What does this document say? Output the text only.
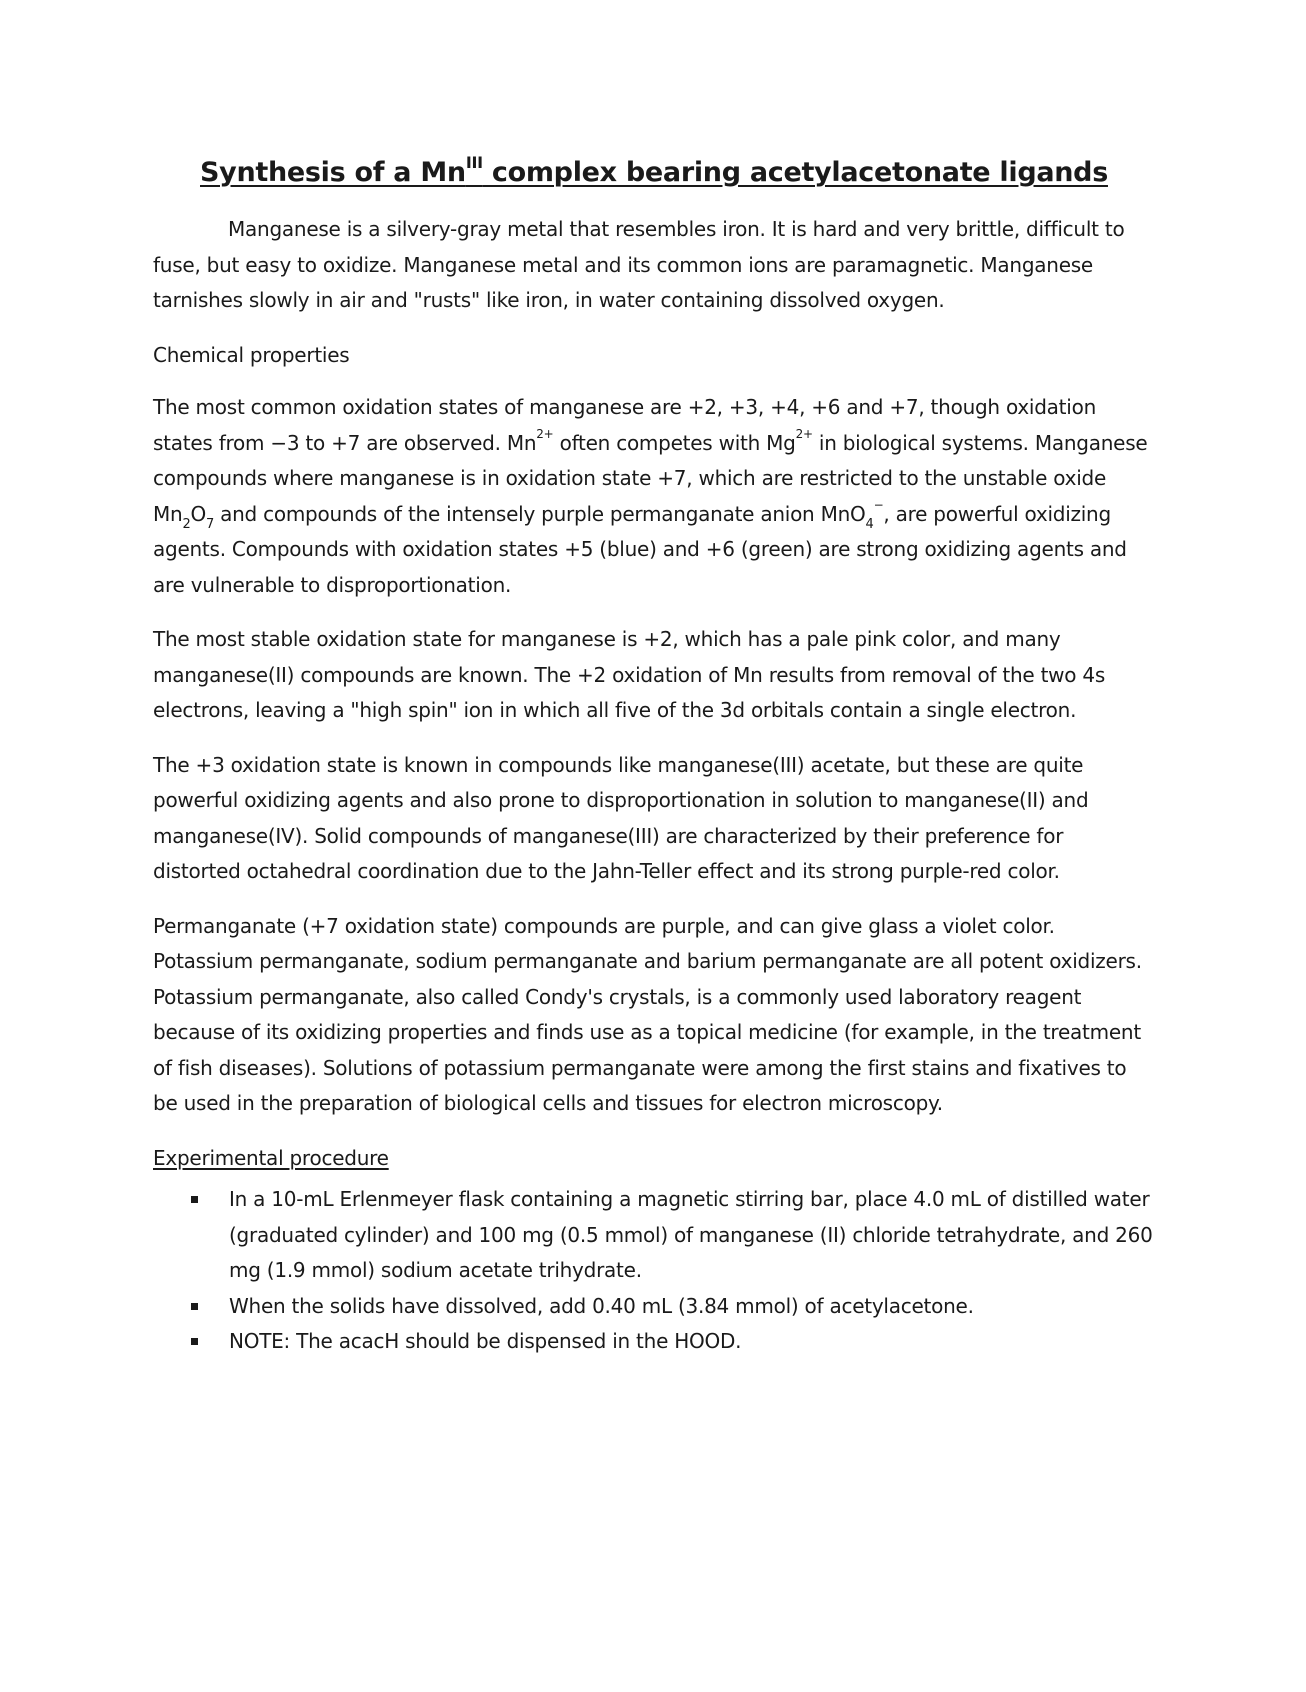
Synthesis of a $Mn^{III}$ complex bearing acetylacetonate ligands

Manganese is a silvery-gray metal that resembles iron. It is hard and very brittle, difficult to fuse, but easy to oxidize. Manganese metal and its common ions are paramagnetic. Manganese tarnishes slowly in air and "rusts" like iron, in water containing dissolved oxygen.

Chemical properties

The most common oxidation states of manganese are +2, +3, +4, +6 and +7, though oxidation states from −3 to +7 are observed. $Mn^{2+}$ often competes with $Mg^{2+}$ in biological systems. Manganese compounds where manganese is in oxidation state +7, which are restricted to the unstable oxide $Mn_2O_7$ and compounds of the intensely purple permanganate anion MnO$_4$−, are powerful oxidizing agents. Compounds with oxidation states +5 (blue) and +6 (green) are strong oxidizing agents and are vulnerable to disproportionation.

The most stable oxidation state for manganese is +2, which has a pale pink color, and many manganese(II) compounds are known. The +2 oxidation of Mn results from removal of the two 4s electrons, leaving a "high spin" ion in which all five of the 3d orbitals contain a single electron.

The +3 oxidation state is known in compounds like manganese(III) acetate, but these are quite powerful oxidizing agents and also prone to disproportionation in solution to manganese(II) and manganese(IV). Solid compounds of manganese(III) are characterized by their preference for distorted octahedral coordination due to the Jahn-Teller effect and its strong purple-red color.

Permanganate (+7 oxidation state) compounds are purple, and can give glass a violet color. Potassium permanganate, sodium permanganate and barium permanganate are all potent oxidizers. Potassium permanganate, also called Condy's crystals, is a commonly used laboratory reagent because of its oxidizing properties and finds use as a topical medicine (for example, in the treatment of fish diseases). Solutions of potassium permanganate were among the first stains and fixatives to be used in the preparation of biological cells and tissues for electron microscopy.

Experimental procedure
In a 10-mL Erlenmeyer flask containing a magnetic stirring bar, place 4.0 mL of distilled water (graduated cylinder) and 100 mg (0.5 mmol) of manganese (II) chloride tetrahydrate, and 260 mg (1.9 mmol) sodium acetate trihydrate.
When the solids have dissolved, add 0.40 mL (3.84 mmol) of acetylacetone.
NOTE: The acacH should be dispensed in the HOOD.
